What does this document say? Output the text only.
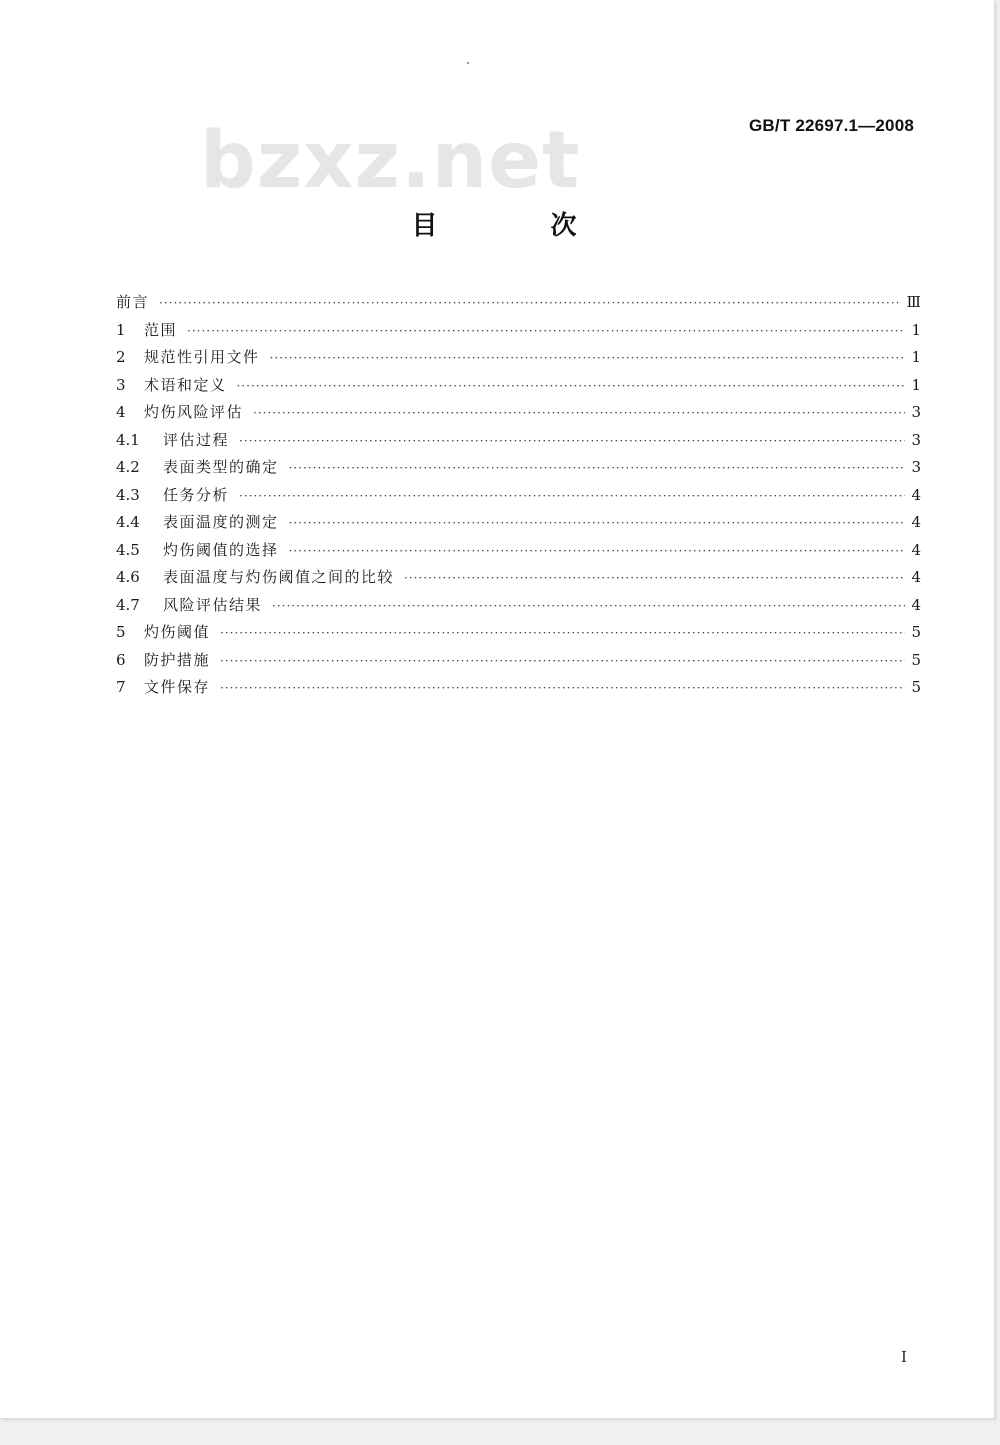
GB/T 22697.1—2008
bzxz.net
目 次
前言 ·····	Ⅲ
1	范围 ·····	1
2	规范性引用文件 ·····	1
3	术语和定义 ·····	1
4	灼伤风险评估 ·····	3
4.1	评估过程 ·····	3
4.2	表面类型的确定 ·····	3
4.3	任务分析 ·····	4
4.4	表面温度的测定 ·····	4
4.5	灼伤阈值的选择 ·····	4
4.6	表面温度与灼伤阈值之间的比较 ·····	4
4.7	风险评估结果 ·····	4
5	灼伤阈值 ·····	5
6	防护措施 ·····	5
7	文件保存 ·····	5
I
